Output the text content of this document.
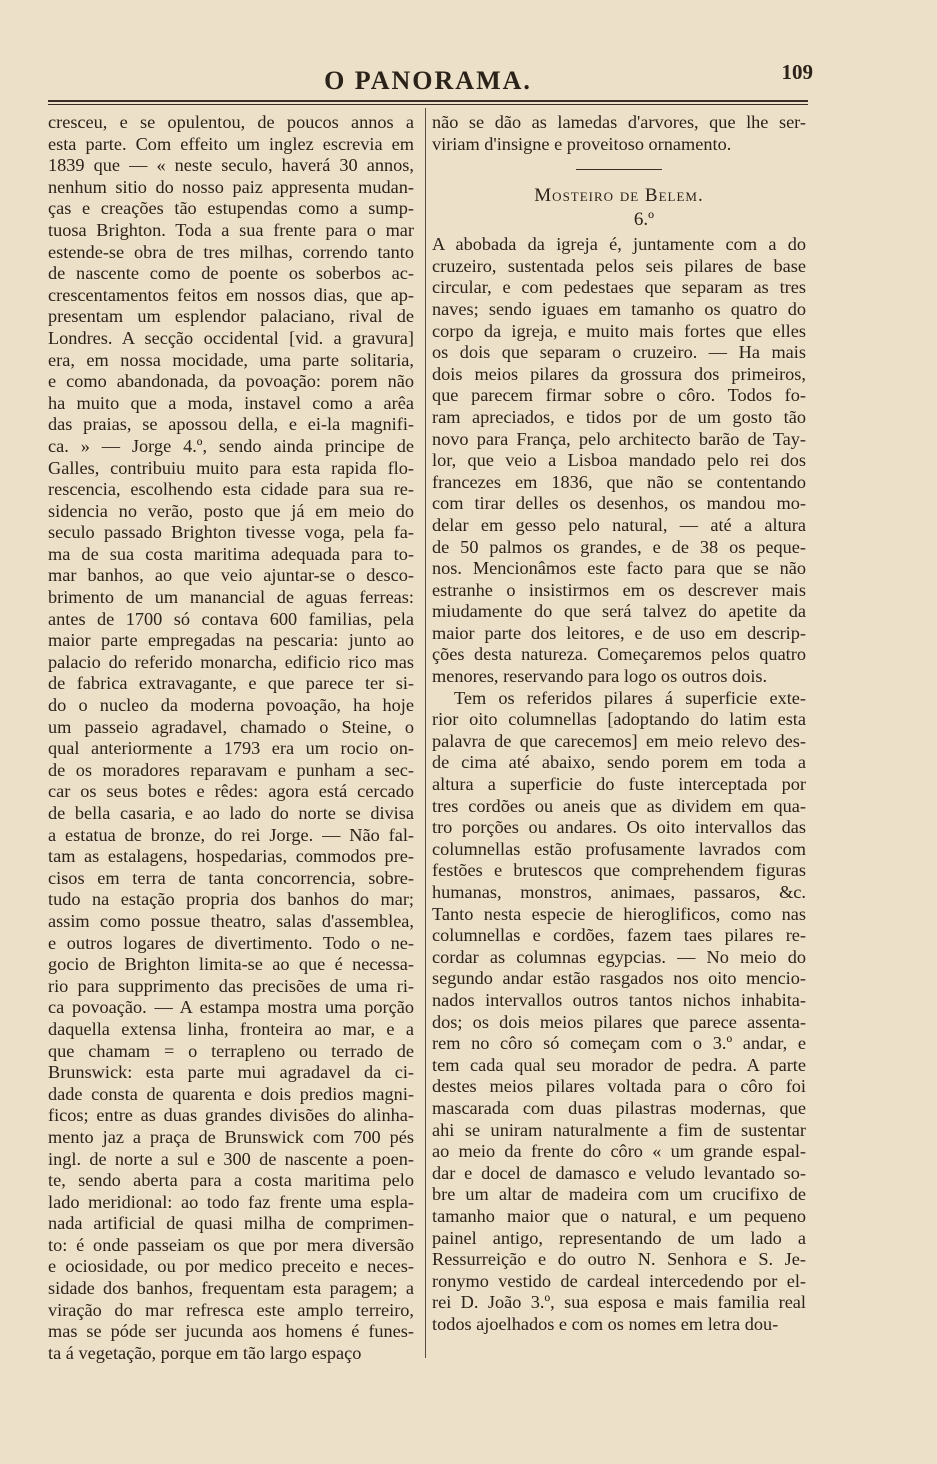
O PANORAMA.	109
cresceu, e se opulentou, de poucos annos a
esta parte. Com effeito um inglez escrevia em
1839 que — « neste seculo, haverá 30 annos,
nenhum sitio do nosso paiz appresenta mudan-
ças e creações tão estupendas como a sump-
tuosa Brighton. Toda a sua frente para o mar
estende-se obra de tres milhas, correndo tanto
de nascente como de poente os soberbos ac-
crescentamentos feitos em nossos dias, que ap-
presentam um esplendor palaciano, rival de
Londres. A secção occidental [vid. a gravura]
era, em nossa mocidade, uma parte solitaria,
e como abandonada, da povoação: porem não
ha muito que a moda, instavel como a arêa
das praias, se apossou della, e ei-la magnifi-
ca. » — Jorge 4.º, sendo ainda principe de
Galles, contribuiu muito para esta rapida flo-
rescencia, escolhendo esta cidade para sua re-
sidencia no verão, posto que já em meio do
seculo passado Brighton tivesse voga, pela fa-
ma de sua costa maritima adequada para to-
mar banhos, ao que veio ajuntar-se o desco-
brimento de um manancial de aguas ferreas:
antes de 1700 só contava 600 familias, pela
maior parte empregadas na pescaria: junto ao
palacio do referido monarcha, edificio rico mas
de fabrica extravagante, e que parece ter si-
do o nucleo da moderna povoação, ha hoje
um passeio agradavel, chamado o Steine, o
qual anteriormente a 1793 era um rocio on-
de os moradores reparavam e punham a sec-
car os seus botes e rêdes: agora está cercado
de bella casaria, e ao lado do norte se divisa
a estatua de bronze, do rei Jorge. — Não fal-
tam as estalagens, hospedarias, commodos pre-
cisos em terra de tanta concorrencia, sobre-
tudo na estação propria dos banhos do mar;
assim como possue theatro, salas d'assemblea,
e outros logares de divertimento. Todo o ne-
gocio de Brighton limita-se ao que é necessa-
rio para supprimento das precisões de uma ri-
ca povoação. — A estampa mostra uma porção
daquella extensa linha, fronteira ao mar, e a
que chamam = o terrapleno ou terrado de
Brunswick: esta parte mui agradavel da ci-
dade consta de quarenta e dois predios magni-
ficos; entre as duas grandes divisões do alinha-
mento jaz a praça de Brunswick com 700 pés
ingl. de norte a sul e 300 de nascente a poen-
te, sendo aberta para a costa maritima pelo
lado meridional: ao todo faz frente uma espla-
nada artificial de quasi milha de comprimen-
to: é onde passeiam os que por mera diversão
e ociosidade, ou por medico preceito e neces-
sidade dos banhos, frequentam esta paragem; a
viração do mar refresca este amplo terreiro,
mas se póde ser jucunda aos homens é funes-
ta á vegetação, porque em tão largo espaço
não se dão as lamedas d'arvores, que lhe ser-
viriam d'insigne e proveitoso ornamento.
Mosteiro de Belem.
6.º
A abobada da igreja é, juntamente com a do
cruzeiro, sustentada pelos seis pilares de base
circular, e com pedestaes que separam as tres
naves; sendo iguaes em tamanho os quatro do
corpo da igreja, e muito mais fortes que elles
os dois que separam o cruzeiro. — Ha mais
dois meios pilares da grossura dos primeiros,
que parecem firmar sobre o côro. Todos fo-
ram apreciados, e tidos por de um gosto tão
novo para França, pelo architecto barão de Tay-
lor, que veio a Lisboa mandado pelo rei dos
francezes em 1836, que não se contentando
com tirar delles os desenhos, os mandou mo-
delar em gesso pelo natural, — até a altura
de 50 palmos os grandes, e de 38 os peque-
nos. Mencionâmos este facto para que se não
estranhe o insistirmos em os descrever mais
miudamente do que será talvez do apetite da
maior parte dos leitores, e de uso em descrip-
ções desta natureza. Começaremos pelos quatro
menores, reservando para logo os outros dois.
Tem os referidos pilares á superficie exte-
rior oito columnellas [adoptando do latim esta
palavra de que carecemos] em meio relevo des-
de cima até abaixo, sendo porem em toda a
altura a superficie do fuste interceptada por
tres cordões ou aneis que as dividem em qua-
tro porções ou andares. Os oito intervallos das
columnellas estão profusamente lavrados com
festões e brutescos que comprehendem figuras
humanas, monstros, animaes, passaros, &c.
Tanto nesta especie de hieroglificos, como nas
columnellas e cordões, fazem taes pilares re-
cordar as columnas egypcias. — No meio do
segundo andar estão rasgados nos oito mencio-
nados intervallos outros tantos nichos inhabita-
dos; os dois meios pilares que parece assenta-
rem no côro só começam com o 3.º andar, e
tem cada qual seu morador de pedra. A parte
destes meios pilares voltada para o côro foi
mascarada com duas pilastras modernas, que
ahi se uniram naturalmente a fim de sustentar
ao meio da frente do côro « um grande espal-
dar e docel de damasco e veludo levantado so-
bre um altar de madeira com um crucifixo de
tamanho maior que o natural, e um pequeno
painel antigo, representando de um lado a
Ressurreição e do outro N. Senhora e S. Je-
ronymo vestido de cardeal intercedendo por el-
rei D. João 3.º, sua esposa e mais familia real
todos ajoelhados e com os nomes em letra dou-
